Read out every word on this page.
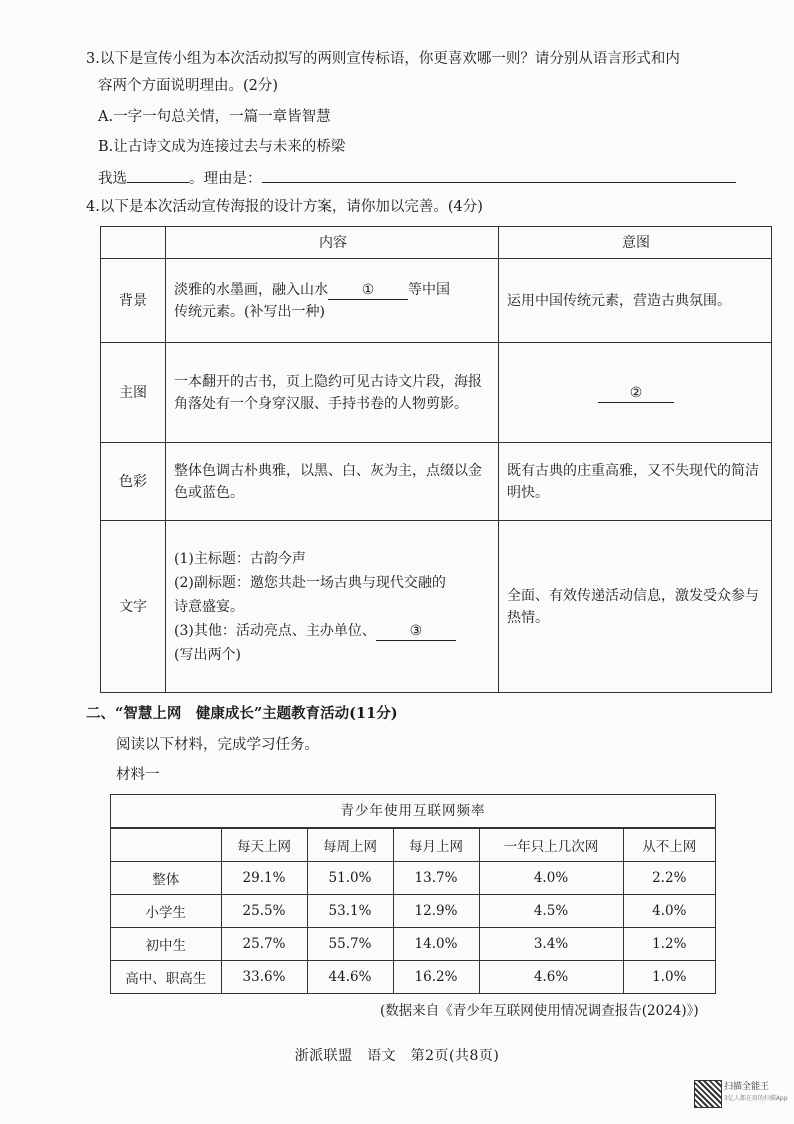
3.以下是宣传小组为本次活动拟写的两则宣传标语，你更喜欢哪一则？请分别从语言形式和内
容两个方面说明理由。(2分)
A.一字一句总关情，一篇一章皆智慧
B.让古诗文成为连接过去与未来的桥梁
我选	。理由是：
4.以下是本次活动宣传海报的设计方案，请你加以完善。(4分)
	内容	意图
背景	淡雅的水墨画，融入山水 ① 等中国
传统元素。(补写出一种)	运用中国传统元素，营造古典氛围。
主图	一本翻开的古书，页上隐约可见古诗文片段，海报角落处有一个身穿汉服、手持书卷的人物剪影。	②
色彩	整体色调古朴典雅，以黑、白、灰为主，点缀以金色或蓝色。	既有古典的庄重高雅，又不失现代的简洁明快。
文字	(1)主标题：古韵今声
(2)副标题：邀您共赴一场古典与现代交融的
诗意盛宴。
(3)其他：活动亮点、主办单位、 ③
(写出两个)	全面、有效传递活动信息，激发受众参与热情。
二、“智慧上网　健康成长”主题教育活动(11分)
阅读以下材料，完成学习任务。
材料一
青少年使用互联网频率
	每天上网	每周上网	每月上网	一年只上几次网	从不上网
整体	29.1%	51.0%	13.7%	4.0%	2.2%
小学生	25.5%	53.1%	12.9%	4.5%	4.0%
初中生	25.7%	55.7%	14.0%	3.4%	1.2%
高中、职高生	33.6%	44.6%	16.2%	4.6%	1.0%
(数据来自《青少年互联网使用情况调查报告(2024)》)
浙派联盟　语文　第2页(共8页)
扫描全能王
3亿人都在用的扫描App
